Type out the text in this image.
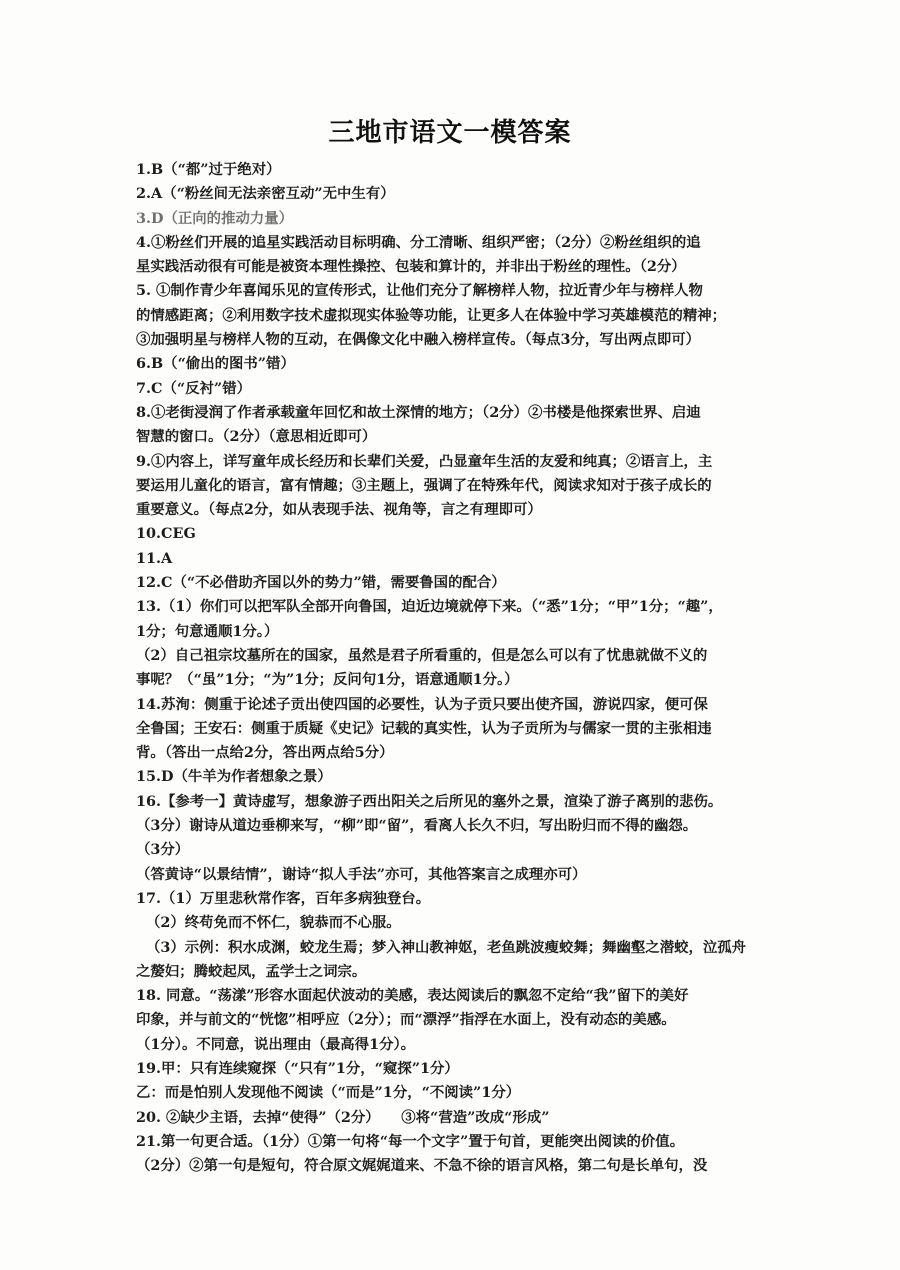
三地市语文一模答案
1.B（“都”过于绝对）
2.A（“粉丝间无法亲密互动”无中生有）
3.D（正向的推动力量）
4.①粉丝们开展的追星实践活动目标明确、分工清晰、组织严密；（2分）②粉丝组织的追
星实践活动很有可能是被资本理性操控、包装和算计的，并非出于粉丝的理性。（2分）
5. ①制作青少年喜闻乐见的宣传形式，让他们充分了解榜样人物，拉近青少年与榜样人物
的情感距离；②利用数字技术虚拟现实体验等功能，让更多人在体验中学习英雄模范的精神；
③加强明星与榜样人物的互动，在偶像文化中融入榜样宣传。（每点3分，写出两点即可）
6.B（“偷出的图书”错）
7.C（“反衬”错）
8.①老街浸润了作者承载童年回忆和故土深情的地方；（2分）②书楼是他探索世界、启迪
智慧的窗口。（2分）（意思相近即可）
9.①内容上，详写童年成长经历和长辈们关爱，凸显童年生活的友爱和纯真；②语言上，主
要运用儿童化的语言，富有情趣；③主题上，强调了在特殊年代，阅读求知对于孩子成长的
重要意义。（每点2分，如从表现手法、视角等，言之有理即可）
10.CEG
11.A
12.C（“不必借助齐国以外的势力”错，需要鲁国的配合）
13.（1）你们可以把军队全部开向鲁国，迫近边境就停下来。（“悉”1分；“甲”1分；“趣”，
1分；句意通顺1分。）
（2）自己祖宗坟墓所在的国家，虽然是君子所看重的，但是怎么可以有了忧患就做不义的
事呢？（“虽”1分；“为”1分；反问句1分，语意通顺1分。）
14.苏洵：侧重于论述子贡出使四国的必要性，认为子贡只要出使齐国，游说四家，便可保
全鲁国；王安石：侧重于质疑《史记》记载的真实性，认为子贡所为与儒家一贯的主张相违
背。（答出一点给2分，答出两点给5分）
15.D（牛羊为作者想象之景）
16.【参考一】黄诗虚写，想象游子西出阳关之后所见的塞外之景，渲染了游子离别的悲伤。
（3分）谢诗从道边垂柳来写，“柳”即“留”，看离人长久不归，写出盼归而不得的幽怨。
（3分）
（答黄诗“以景结情”，谢诗“拟人手法”亦可，其他答案言之成理亦可）
17.（1）万里悲秋常作客，百年多病独登台。
（2）终苟免而不怀仁，貌恭而不心服。
（3）示例：积水成渊，蛟龙生焉；梦入神山教神妪，老鱼跳波瘦蛟舞；舞幽壑之潜蛟，泣孤舟
之嫠妇；腾蛟起凤，孟学士之词宗。
18. 同意。“荡漾”形容水面起伏波动的美感，表达阅读后的飘忽不定给“我”留下的美好
印象，并与前文的“恍惚”相呼应（2分）；而“漂浮”指浮在水面上，没有动态的美感。
（1分）。不同意，说出理由（最高得1分）。
19.甲：只有连续窥探（“只有”1分，“窥探”1分）
乙：而是怕别人发现他不阅读（“而是”1分，“不阅读”1分）
20. ②缺少主语，去掉“使得”（2分）　　③将“营造”改成“形成”
21.第一句更合适。（1分）①第一句将“每一个文字”置于句首，更能突出阅读的价值。
（2分）②第一句是短句，符合原文娓娓道来、不急不徐的语言风格，第二句是长单句，没
